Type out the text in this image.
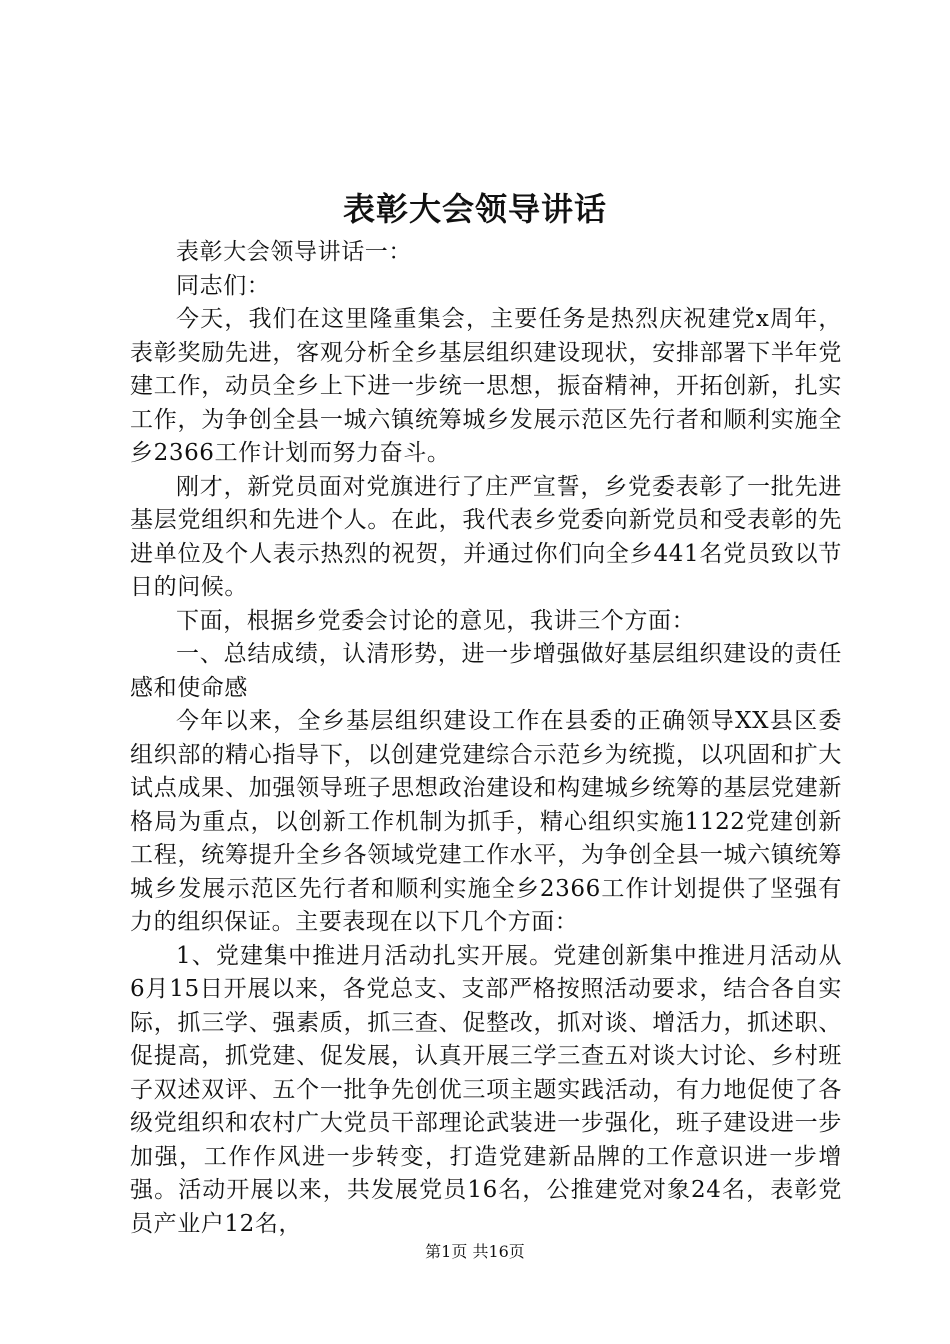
表彰大会领导讲话

表彰大会领导讲话一：

同志们：

今天，我们在这里隆重集会，主要任务是热烈庆祝建党x周年，表彰奖励先进，客观分析全乡基层组织建设现状，安排部署下半年党建工作，动员全乡上下进一步统一思想，振奋精神，开拓创新，扎实工作，为争创全县一城六镇统筹城乡发展示范区先行者和顺利实施全乡2366工作计划而努力奋斗。

刚才，新党员面对党旗进行了庄严宣誓，乡党委表彰了一批先进基层党组织和先进个人。在此，我代表乡党委向新党员和受表彰的先进单位及个人表示热烈的祝贺，并通过你们向全乡441名党员致以节日的问候。

下面，根据乡党委会讨论的意见，我讲三个方面：

一、总结成绩，认清形势，进一步增强做好基层组织建设的责任感和使命感

今年以来，全乡基层组织建设工作在县委的正确领导XX县区委组织部的精心指导下，以创建党建综合示范乡为统揽，以巩固和扩大试点成果、加强领导班子思想政治建设和构建城乡统筹的基层党建新格局为重点，以创新工作机制为抓手，精心组织实施1122党建创新工程，统筹提升全乡各领域党建工作水平，为争创全县一城六镇统筹城乡发展示范区先行者和顺利实施全乡2366工作计划提供了坚强有力的组织保证。主要表现在以下几个方面：

1、党建集中推进月活动扎实开展。党建创新集中推进月活动从6月15日开展以来，各党总支、支部严格按照活动要求，结合各自实际，抓三学、强素质，抓三查、促整改，抓对谈、增活力，抓述职、促提高，抓党建、促发展，认真开展三学三查五对谈大讨论、乡村班子双述双评、五个一批争先创优三项主题实践活动，有力地促使了各级党组织和农村广大党员干部理论武装进一步强化，班子建设进一步加强，工作作风进一步转变，打造党建新品牌的工作意识进一步增强。活动开展以来，共发展党员16名，公推建党对象24名，表彰党员产业户12名，

第1页 共16页
